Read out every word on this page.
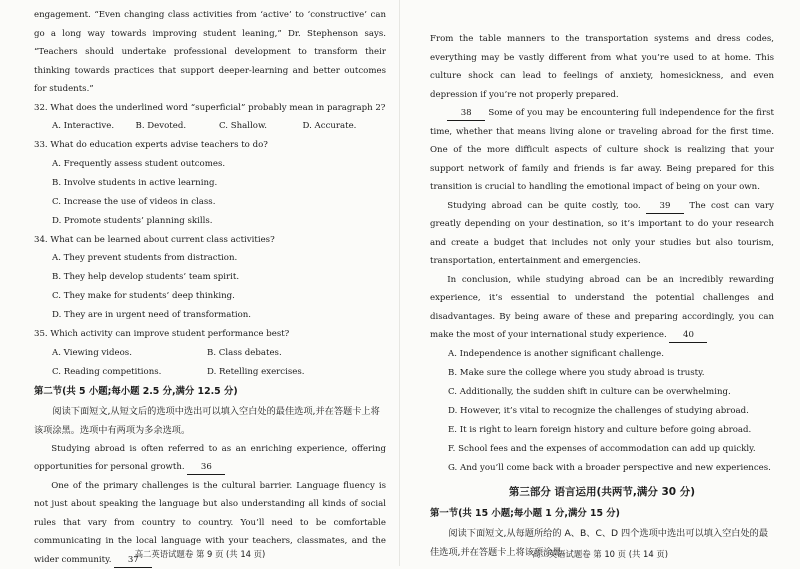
engagement. “Even changing class activities from ‘active’ to ‘constructive’ can go a long way towards improving student leaning,” Dr. Stephenson says. “Teachers should undertake professional development to transform their thinking towards practices that support deeper-learning and better outcomes for students.”

32. What does the underlined word “superficial” probably mean in paragraph 2?

A. Interactive.	B. Devoted.	C. Shallow.	D. Accurate.

33. What do education experts advise teachers to do?

A. Frequently assess student outcomes.

B. Involve students in active learning.

C. Increase the use of videos in class.

D. Promote students’ planning skills.

34. What can be learned about current class activities?

A. They prevent students from distraction.

B. They help develop students’ team spirit.

C. They make for students’ deep thinking.

D. They are in urgent need of transformation.

35. Which activity can improve student performance best?

A. Viewing videos.	B. Class debates.
C. Reading competitions.	D. Retelling exercises.

第二节(共 5 小题;每小题 2.5 分,满分 12.5 分)

阅读下面短文,从短文后的选项中选出可以填入空白处的最佳选项,并在答题卡上将该项涂黑。选项中有两项为多余选项。

Studying abroad is often referred to as an enriching experience, offering opportunities for personal growth. 36

One of the primary challenges is the cultural barrier. Language fluency is not just about speaking the language but also understanding all kinds of social rules that vary from country to country. You’ll need to be comfortable communicating in the local language with your teachers, classmates, and the wider community. 37

高二英语试题卷 第 9 页 (共 14 页)

From the table manners to the transportation systems and dress codes, everything may be vastly different from what you’re used to at home. This culture shock can lead to feelings of anxiety, homesickness, and even depression if you’re not properly prepared.

38 Some of you may be encountering full independence for the first time, whether that means living alone or traveling abroad for the first time. One of the more difficult aspects of culture shock is realizing that your support network of family and friends is far away. Being prepared for this transition is crucial to handling the emotional impact of being on your own.

Studying abroad can be quite costly, too. 39 The cost can vary greatly depending on your destination, so it’s important to do your research and create a budget that includes not only your studies but also tourism, transportation, entertainment and emergencies.

In conclusion, while studying abroad can be an incredibly rewarding experience, it’s essential to understand the potential challenges and disadvantages. By being aware of these and preparing accordingly, you can make the most of your international study experience. 40

A. Independence is another significant challenge.

B. Make sure the college where you study abroad is trusty.

C. Additionally, the sudden shift in culture can be overwhelming.

D. However, it’s vital to recognize the challenges of studying abroad.

E. It is right to learn foreign history and culture before going abroad.

F. School fees and the expenses of accommodation can add up quickly.

G. And you’ll come back with a broader perspective and new experiences.

第三部分 语言运用(共两节,满分 30 分)

第一节(共 15 小题;每小题 1 分,满分 15 分)

阅读下面短文,从每题所给的 A、B、C、D 四个选项中选出可以填入空白处的最佳选项,并在答题卡上将该项涂黑。

高二英语试题卷 第 10 页 (共 14 页)
